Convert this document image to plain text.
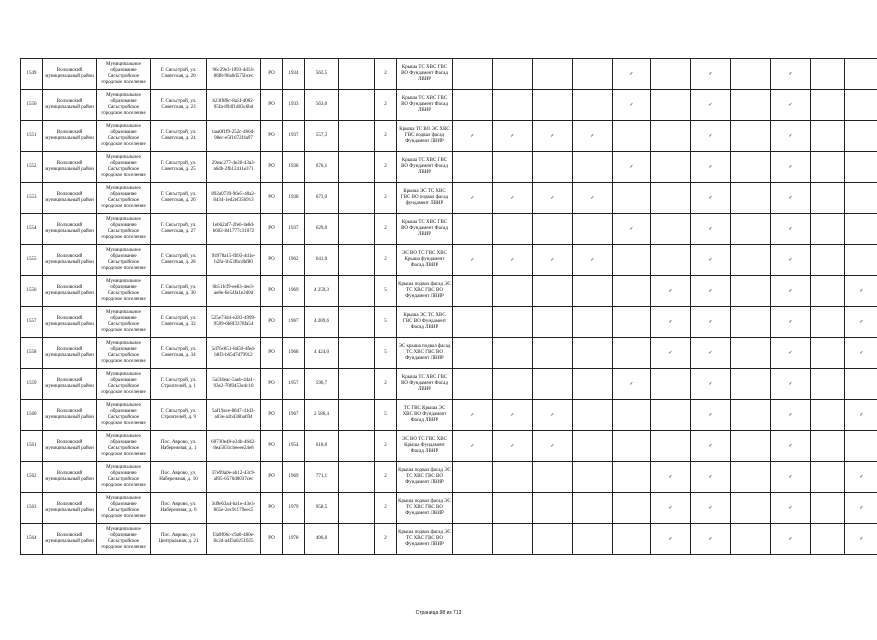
1549	Волховский муниципальный район	Муниципальное образование Сясьстройское городское поселение	Г. Сясьстрой, ул. Советская, д. 20	96c29e3-1093-4d14-86f8-96a0d575bcec	РО	1934	562,5		2	Крыша ТС ХВС ГВС ВО Фундамент Фасад ЛВИР					✓		✓		✓		
1550	Волховский муниципальный район	Муниципальное образование Сясьстройское городское поселение	Г. Сясьстрой, ул. Советская, д. 23	b23f0f8c-8a5f-4002-95fa-894f1d83c6bd	РО	1933	563,0		2	Крыша ТС ХВС ГВС ВО Фундамент Фасад ЛВИР					✓		✓		✓		
1551	Волховский муниципальный район	Муниципальное образование Сясьстройское городское поселение	Г. Сясьстрой, ул. Советская, д. 24	baa0f1f9-252c-466d-98ec-e5f1672f4a97	РО	1937	557,3		2	Крыша ТС ВО ЭС ХВС ГВС подвал фасад Фундамент ЛВИР	✓	✓	✓	✓			✓		✓		
1552	Волховский муниципальный район	Муниципальное образование Сясьстройское городское поселение	Г. Сясьстрой, ул. Советская, д. 25	29eac277-4e20-43a3-a6db-2fb12411e371	РО	1938	676,1		2	Крыша ТС ХВС ГВС ВО Фундамент Фасад ЛВИР					✓		✓		✓		
1553	Волховский муниципальный район	Муниципальное образование Сясьстройское городское поселение	Г. Сясьстрой, ул. Советская, д. 26	892a0739-96e5-40a2-8434-1ed2ef356913	РО	1938	673,0		2	Крыша ЭС ТС ХВС ГВС ВО подвал фасад фундамент ЛВИР	✓	✓	✓	✓			✓		✓		
1554	Волховский муниципальный район	Муниципальное образование Сясьстройское городское поселение	Г. Сясьстрой, ул. Советская, д. 27	1eb62af7-2fe6-4e8d-b602-841777c31072	РО	1937	629,0		2	Крыша ТС ХВС ГВС ВО Фундамент Фасад ЛВИР					✓		✓		✓		
1555	Волховский муниципальный район	Муниципальное образование Сясьстройское городское поселение	Г. Сясьстрой, ул. Советская, д. 28	94978a15-fb93-4d1e-b2fa-1b53fbcdbf80	РО	1962	641,0		2	ЭС ВО ТС ГВС ХВС Крыша фундамент Фасад ЛВИР	✓	✓	✓	✓			✓		✓		
1556	Волховский муниципальный район	Муниципальное образование Сясьстройское городское поселение	Г. Сясьстрой, ул. Советская, д. 30	6b51fcf9-ee83-4ee3-ae8e-6e54fa1e2d0d	РО	1969	4 259,3		5	Крыша подвал фасад ЭС ТС ХВС ГВС ВО Фундамент ЛВИР						✓	✓		✓		✓
1557	Волховский муниципальный район	Муниципальное образование Сясьстройское городское поселение	Г. Сясьстрой, ул. Советская, д. 32	525e73d4-e283-4999-9599-6b8f3378fa54	РО	1967	4 289,6		5	Крыша ЭС ТС ХВС ГВС ВО Фундамент Фасад ЛВИР						✓	✓		✓		✓
1558	Волховский муниципальный район	Муниципальное образование Сясьстройское городское поселение	Г. Сясьстрой, ул. Советская, д. 34	5d76c851-8d50-4fed-b8f3-b65d7d79912	РО	1968	4 424,0		5	ЭС крыша подвал фасад ТС ХВС ГВС ВО Фундамент ЛВИР						✓	✓		✓		✓
1559	Волховский муниципальный район	Муниципальное образование Сясьстройское городское поселение	Г. Сясьстрой, ул. Строителей, д. 1	5a5f4eac-5aeb-44a1-93e2-70f0453e4c10	РО	1957	596,7		2	Крыша ТС ХВС ГВС ВО Фундамент Фасад ЛВИР					✓		✓		✓		
1560	Волховский муниципальный район	Муниципальное образование Сясьстройское городское поселение	Г. Сясьстрой, ул. Строителей, д. 9	5af19ace-8847-41d3-a03e-a1b436ba694	РО	1967	2 586,4		5	ТС ГВС Крыша ЭС ХВС ВО Фундамент Фасад ЛВИР	✓	✓	✓				✓		✓		✓
1561	Волховский муниципальный район	Муниципальное образование Сясьстройское городское поселение	Пос. Аврово, ул. Набережная, д. 1	60730e48-e34b-46d2-8ea5031cbeeee24e8	РО	1954	618,0		2	ЭС ВО ТС ГВС ХВС Крыша Фундамент Фасад ЛВИР	✓	✓	✓				✓		✓		
1562	Волховский муниципальный район	Муниципальное образование Сясьстройское городское поселение	Пос. Аврово, ул. Набережная, д. 10	37e99a0e-ab12-43c9-af05-6576d0037cec	РО	1969	771,1		2	Крыша подвал фасад ЭС ТС ХВС ГВС ВО Фундамент ЛВИР						✓	✓		✓		✓
1563	Волховский муниципальный район	Муниципальное образование Сясьстройское городское поселение	Пос. Аврово, ул. Набережная, д. 6	3d9e63a4-ba1e-43e3-865e-2ec9c179eec5	РО	1979	958,5		2	Крыша подвал фасад ЭС ТС ХВС ГВС ВО Фундамент ЛВИР						✓	✓		✓		✓
1564	Волховский муниципальный район	Муниципальное образование Сясьстройское городское поселение	Пос. Аврово, ул. Центральная, д. 21	f3a9f06c-c9a0-480e-8c2d-a4f3a0251025	РО	1978	496,0		2	Крыша подвал фасад ЭС ТС ХВС ГВС ВО Фундамент ЛВИР						✓	✓		✓		✓
Страница 98 из 713
